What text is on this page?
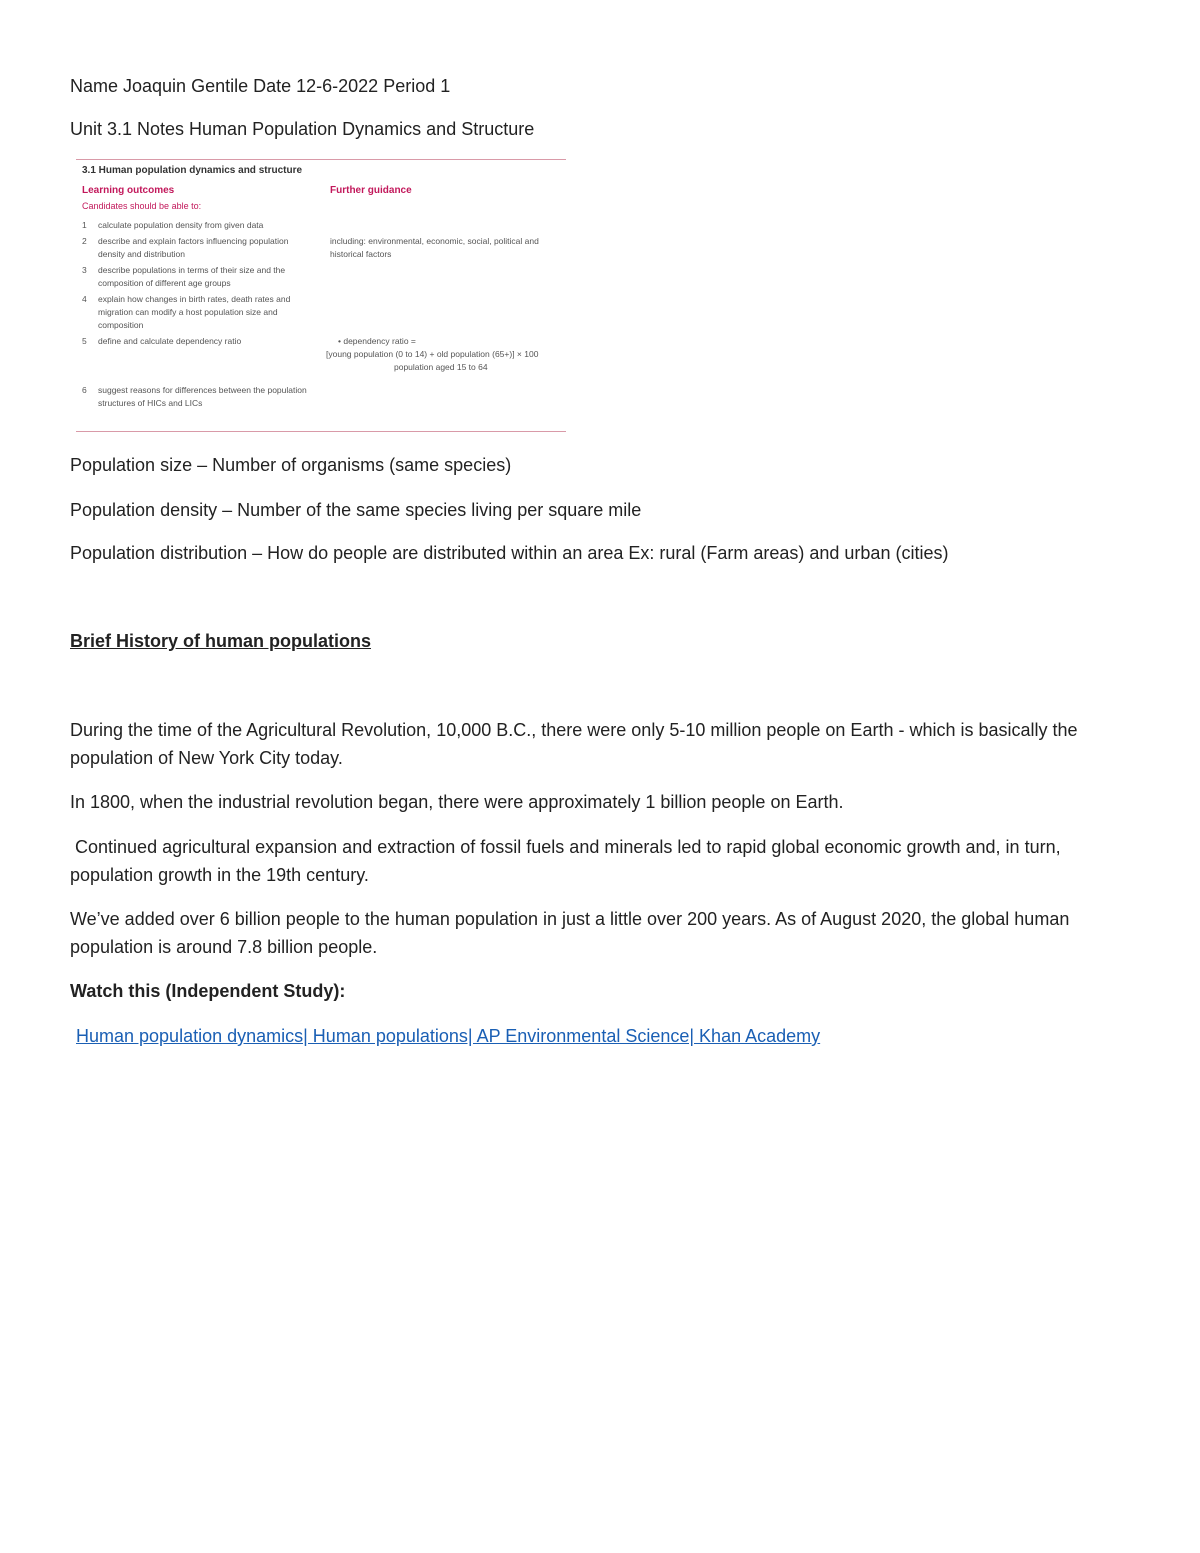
Name Joaquin Gentile Date 12-6-2022 Period 1
Unit 3.1 Notes Human Population Dynamics and Structure
3.1 Human population dynamics and structure
Learning outcomes	Further guidance
Candidates should be able to:
1 calculate population density from given data
2 describe and explain factors influencing population density and distribution
3 describe populations in terms of their size and the composition of different age groups
4 explain how changes in birth rates, death rates and migration can modify a host population size and composition
5 define and calculate dependency ratio
6 suggest reasons for differences between the population structures of HICs and LICs
including: environmental, economic, social, political and historical factors
• dependency ratio =
[young population (0 to 14) + old population (65+)] × 100
population aged 15 to 64
Population size – Number of organisms (same species)
Population density – Number of the same species living per square mile
Population distribution – How do people are distributed within an area Ex: rural (Farm areas) and urban (cities)
Brief History of human populations
During the time of the Agricultural Revolution, 10,000 B.C., there were only 5-10 million people on Earth - which is basically the population of New York City today.
In 1800, when the industrial revolution began, there were approximately 1 billion people on Earth.
Continued agricultural expansion and extraction of fossil fuels and minerals led to rapid global economic growth and, in turn, population growth in the 19th century.
We’ve added over 6 billion people to the human population in just a little over 200 years. As of August 2020, the global human population is around 7.8 billion people.
Watch this (Independent Study):
Human population dynamics| Human populations| AP Environmental Science| Khan Academy
